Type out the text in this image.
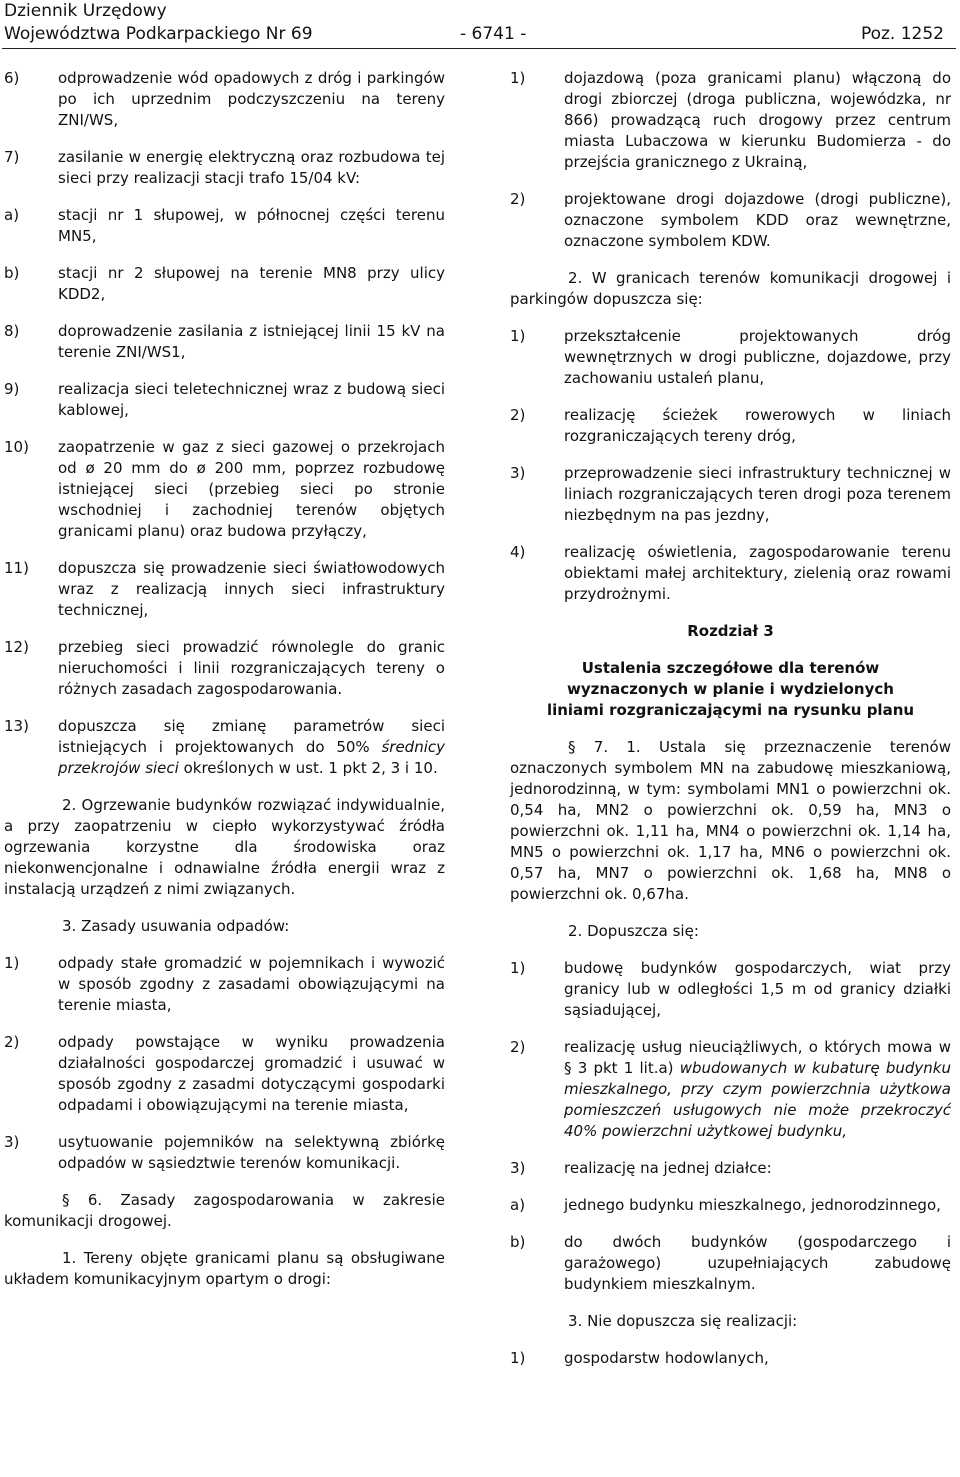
Dziennik Urzędowy
Województwa Podkarpackiego Nr 69	- 6741 -	Poz. 1252
6)	odprowadzenie wód opadowych z dróg i parkingów po ich uprzednim podczyszczeniu na tereny ZNI/WS,
7)	zasilanie w energię elektryczną oraz rozbudowa tej sieci przy realizacji stacji trafo 15/04 kV:
a)	stacji nr 1 słupowej, w północnej części terenu MN5,
b)	stacji nr 2 słupowej na terenie MN8 przy ulicy KDD2,
8)	doprowadzenie zasilania z istniejącej linii 15 kV na terenie ZNI/WS1,
9)	realizacja sieci teletechnicznej wraz z budową sieci kablowej,
10) zaopatrzenie w gaz z sieci gazowej o przekrojach od ø 20 mm do ø 200 mm, poprzez rozbudowę istniejącej sieci (przebieg sieci po stronie wschodniej i zachodniej terenów objętych granicami planu) oraz budowa przyłączy,
11) dopuszcza się prowadzenie sieci światłowodowych wraz z realizacją innych sieci infrastruktury technicznej,
12) przebieg sieci prowadzić równolegle do granic nieruchomości i linii rozgraniczających tereny o różnych zasadach zagospodarowania.
13) dopuszcza się zmianę parametrów sieci istniejących i projektowanych do 50% średnicy przekrojów sieci określonych w ust. 1 pkt 2, 3 i 10.
2. Ogrzewanie budynków rozwiązać indywidualnie, a przy zaopatrzeniu w ciepło wykorzystywać źródła ogrzewania korzystne dla środowiska oraz niekonwencjonalne i odnawialne źródła energii wraz z instalacją urządzeń z nimi związanych.
3. Zasady usuwania odpadów:
1)	odpady stałe gromadzić w pojemnikach i wywozić w sposób zgodny z zasadami obowiązującymi na terenie miasta,
2)	odpady powstające w wyniku prowadzenia działalności gospodarczej gromadzić i usuwać w sposób zgodny z zasadmi dotyczącymi gospodarki odpadami i obowiązującymi na terenie miasta,
3)	usytuowanie pojemników na selektywną zbiórkę odpadów w sąsiedztwie terenów komunikacji.
§ 6. Zasady zagospodarowania w zakresie komunikacji drogowej.
1. Tereny objęte granicami planu są obsługiwane układem komunikacyjnym opartym o drogi:
1)	dojazdową (poza granicami planu) włączoną do drogi zbiorczej (droga publiczna, wojewódzka, nr 866) prowadzącą ruch drogowy przez centrum miasta Lubaczowa w kierunku Budomierza - do przejścia granicznego z Ukrainą,
2)	projektowane drogi dojazdowe (drogi publiczne), oznaczone symbolem KDD oraz wewnętrzne, oznaczone symbolem KDW.
2. W granicach terenów komunikacji drogowej i parkingów dopuszcza się:
1)	przekształcenie projektowanych dróg wewnętrznych w drogi publiczne, dojazdowe, przy zachowaniu ustaleń planu,
2)	realizację ścieżek rowerowych w liniach rozgraniczających tereny dróg,
3)	przeprowadzenie sieci infrastruktury technicznej w liniach rozgraniczających teren drogi poza terenem niezbędnym na pas jezdny,
4)	realizację oświetlenia, zagospodarowanie terenu obiektami małej architektury, zielenią oraz rowami przydrożnymi.
Rozdział 3
Ustalenia szczegółowe dla terenów
wyznaczonych w planie i wydzielonych
liniami rozgraniczającymi na rysunku planu
§ 7. 1. Ustala się przeznaczenie terenów oznaczonych symbolem MN na zabudowę mieszkaniową, jednorodzinną, w tym: symbolami MN1 o powierzchni ok. 0,54 ha, MN2 o powierzchni ok. 0,59 ha, MN3 o powierzchni ok. 1,11 ha, MN4 o powierzchni ok. 1,14 ha, MN5 o powierzchni ok. 1,17 ha, MN6 o powierzchni ok. 0,57 ha, MN7 o powierzchni ok. 1,68 ha, MN8 o powierzchni ok. 0,67ha.
2. Dopuszcza się:
1)	budowę budynków gospodarczych, wiat przy granicy lub w odległości 1,5 m od granicy działki sąsiadującej,
2)	realizację usług nieuciążliwych, o których mowa w § 3 pkt 1 lit.a) wbudowanych w kubaturę budynku mieszkalnego, przy czym powierzchnia użytkowa pomieszczeń usługowych nie może przekroczyć 40% powierzchni użytkowej budynku,
3)	realizację na jednej działce:
a)	jednego budynku mieszkalnego, jednorodzinnego,
b)	do dwóch budynków (gospodarczego i garażowego) uzupełniających zabudowę budynkiem mieszkalnym.
3. Nie dopuszcza się realizacji:
1)	gospodarstw hodowlanych,
